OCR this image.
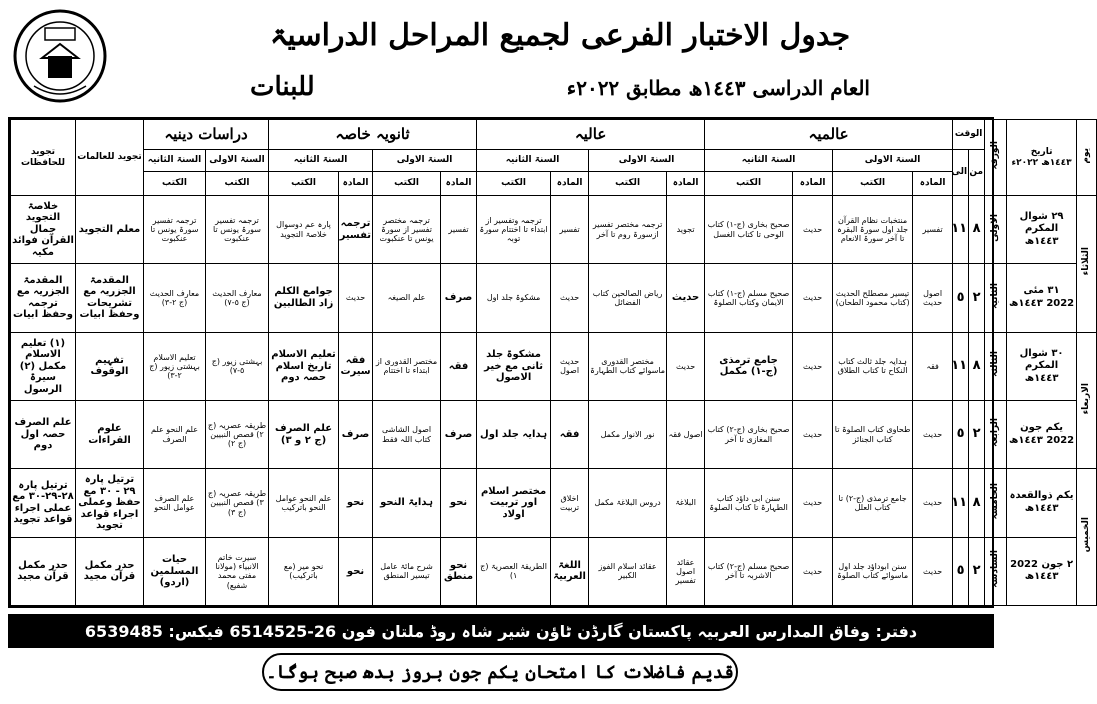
جدول الاختبار الفرعی لجمیع المراحل الدراسیۃ
العام الدراسی ١٤٤٣ھ مطابق ٢٠٢٢ء
للبنات
یوم	تاریخ
١٤٤٣ھ ٢٠٢٢ء	الورقہ	الوقت		عالمیہ				عالیہ				ثانویہ خاصہ				دراسات دینیہ		تجوید للعالمات	تجوید للحافظات
			من	الی	السنۃ الاولی		السنۃ الثانیہ		السنۃ الاولی		السنۃ الثانیہ		السنۃ الاولی		السنۃ الثانیہ		السنۃ الاولی	السنۃ الثانیہ		
					المادہ	الکتب	المادہ	الکتب	المادہ	الکتب	المادہ	الکتب	المادہ	الکتب	المادہ	الکتب	الکتب	الکتب		
الثلاثاء	٢٩ شوال المکرم ١٤٤٣ھ	الاولی	٨	١١	تفسیر	منتخبات نظام القرآن جلد اول سورۃ البقرہ تا آخر سورۃ الانعام	حدیث	صحیح بخاری (ج-١) کتاب الوحی تا کتاب الغسل	تجوید	ترجمہ مختصر تفسیر ازسورۃ روم تا آخر	تفسیر	ترجمہ وتفسیر از ابتداء تا اختتام سورۃ توبہ	تفسیر	ترجمہ مختصر تفسیر از سورۃ یونس تا عنکبوت	ترجمہ تفسیر	پارہ عم دوسوال خلاصۃ التجوید	ترجمہ تفسیر سورۃ یونس تا عنکبوت	ترجمہ تفسیر سورۃ یونس تا عنکبوت	معلم التجوید	خلاصۃ التجوید جمال القرآن فوائد مکیہ
	٣١ مئی 2022 ١٤٤٣ھ	الثانیہ	٢	٥	اصول حدیث	تیسیر مصطلح الحدیث (کتاب محمود الطحان)	حدیث	صحیح مسلم (ج-١) کتاب الایمان وکتاب الصلوۃ	حدیث	ریاض الصالحین کتاب الفضائل	حدیث	مشکوۃ جلد اول	صرف	علم الصیغہ	حدیث	جوامع الکلم زاد الطالبین	معارف الحدیث (ج ٥-٧)	معارف الحدیث (ج ٢-٣)	المقدمۃ الجزریہ مع تشریحات وحفظ ابیات	المقدمۃ الجزریہ مع ترجمہ وحفظ ابیات
الاربعاء	٣٠ شوال المکرم ١٤٤٣ھ	الثالثہ	٨	١١	فقہ	ہدایہ جلد ثالث کتاب النکاح تا کتاب الطلاق	حدیث	جامع ترمذی (ج-١) مکمل	حدیث	مختصر القدوری ماسوائے کتاب الطہارۃ	حدیث اصول	مشکوۃ جلد ثانی مع خیر الاصول	فقہ	مختصر القدوری از ابتداء تا اختتام	فقہ سیرت	تعلیم الاسلام تاریخ اسلام حصہ دوم	بہشتی زیور (ج ٥-٧)	تعلیم الاسلام بہشتی زیور (ج ٢-٣)	تفہیم الوقوف	(١) تعلیم الاسلام مکمل (٢) سیرۃ الرسول
	یکم جون 2022 ١٤٤٣ھ	الرابعہ	٢	٥	حدیث	طحاوی کتاب الصلوۃ تا کتاب الجنائز	حدیث	صحیح بخاری (ج-٢) کتاب المغازی تا آخر	اصول فقہ	نور الانوار مکمل	فقہ	ہدایہ جلد اول	صرف	اصول الشاشی کتاب اللہ فقط	صرف	علم الصرف (ج ٢ و ٣)	طریقہ عصریہ (ج ٢) قصص النبیین (ج ٢)	علم النحو علم الصرف	علوم القراءات	علم الصرف حصہ اول دوم
الخمیس	یکم ذوالقعدہ ١٤٤٣ھ	الخامسہ	٨	١١	حدیث	جامع ترمذی (ج-٢) تا کتاب العلل	حدیث	سنن ابی داؤد کتاب الطہارۃ تا کتاب الصلوۃ	البلاغۃ	دروس البلاغۃ مکمل	اخلاق تربیت	مختصر اسلام اور تربیت اولاد	نحو	ہدایۃ النحو	نحو	علم النحو عوامل النحو باترکیب	طریقہ عصریہ (ج ٣) قصص النبیین (ج ٣)	علم الصرف عوامل النحو	ترتیل پارہ ٢٩ - ٣٠ مع حفظ وعملی اجراء قواعد تجوید	ترتیل پارہ ٢٨-٢٩-٣٠ مع عملی اجراء قواعد تجوید
	٢ جون 2022 ١٤٤٣ھ	السادسہ	٢	٥	حدیث	سنن ابوداؤد جلد اول ماسوائے کتاب الصلوۃ	حدیث	صحیح مسلم (ج-٢) کتاب الاشربہ تا آخر	عقائد اصول تفسیر	عقائد اسلام الفوز الکبیر	اللغۃ العربیۃ	الطریقۃ العصریۃ (ج ١)	نحو منطق	شرح مائۃ عامل تیسیر المنطق	نحو	نحو میر (مع باترکیب)	سیرت خاتم الانبیاء (مولانا مفتی محمد شفیع)	حیات المسلمین (اردو)	حدر مکمل قرآن مجید	حدر مکمل قرآن مجید
دفتر: وفاق المدارس العربیہ پاکستان گارڈن ٹاؤن شیر شاہ روڈ ملتان فون 26-6514525 فیکس: 6539485
قدیم فاضلات کا امتحان یکم جون بروز بدھ صبح ہوگا۔
